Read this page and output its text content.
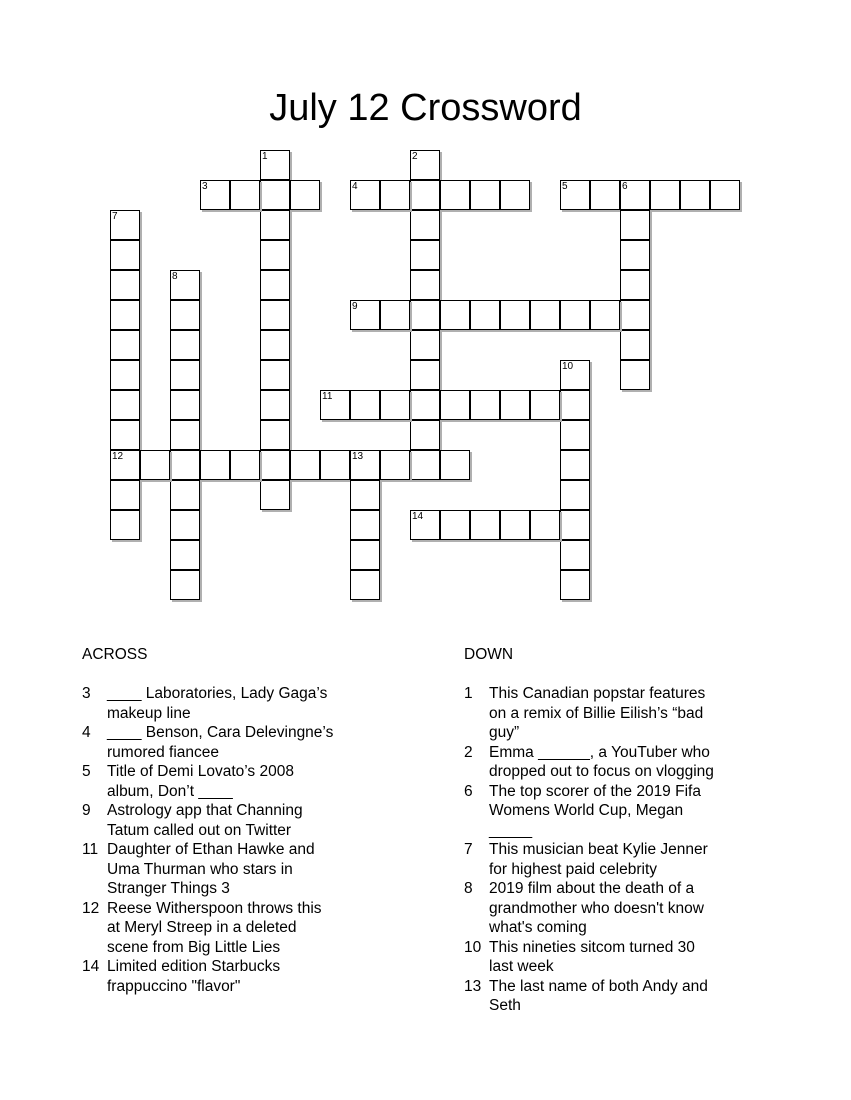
July 12 Crossword
1	2
3	4	5	6
7
12
8
9
10
11
13
14
ACROSS
3	____ Laboratories, Lady Gaga’s makeup line
4	____ Benson, Cara Delevingne’s rumored fiancee
5	Title of Demi Lovato’s 2008 album, Don’t ____
9	Astrology app that Channing Tatum called out on Twitter
11 Daughter of Ethan Hawke and Uma Thurman who stars in Stranger Things 3
12 Reese Witherspoon throws this at Meryl Streep in a deleted scene from Big Little Lies
14 Limited edition Starbucks frappuccino "flavor"
DOWN
1	This Canadian popstar features on a remix of Billie Eilish’s “bad guy”
2	Emma ______, a YouTuber who dropped out to focus on vlogging
6	The top scorer of the 2019 Fifa Womens World Cup, Megan _____
7	This musician beat Kylie Jenner for highest paid celebrity
8	2019 film about the death of a grandmother who doesn't know what's coming
10 This nineties sitcom turned 30 last week
13 The last name of both Andy and Seth
